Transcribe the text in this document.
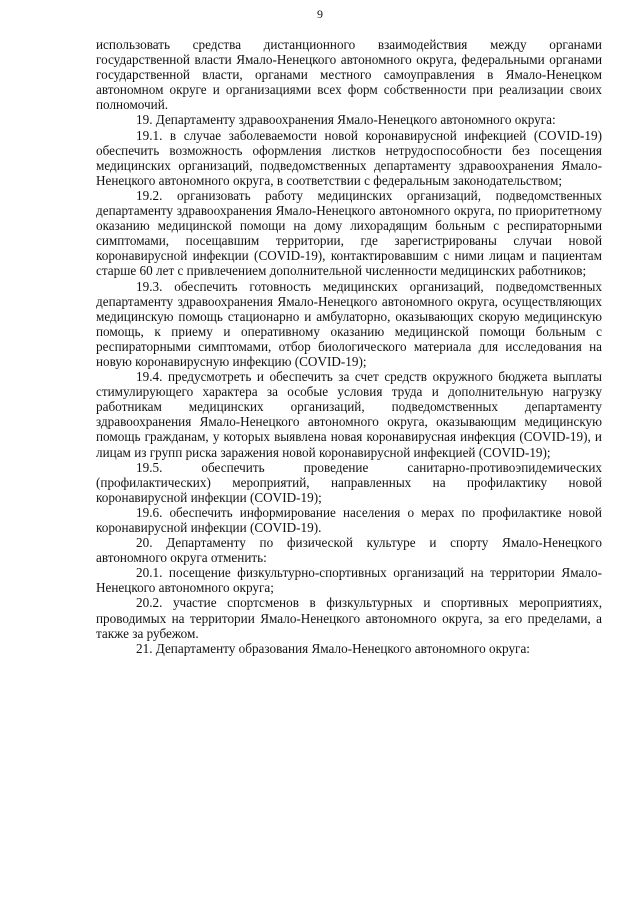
9

использовать средства дистанционного взаимодействия между органами государственной власти Ямало-Ненецкого автономного округа, федеральными органами государственной власти, органами местного самоуправления в Ямало-Ненецком автономном округе и организациями всех форм собственности при реализации своих полномочий.

19. Департаменту здравоохранения Ямало-Ненецкого автономного округа:

19.1. в случае заболеваемости новой коронавирусной инфекцией (COVID-19) обеспечить возможность оформления листков нетрудоспособности без посещения медицинских организаций, подведомственных департаменту здравоохранения Ямало-Ненецкого автономного округа, в соответствии с федеральным законодательством;

19.2. организовать работу медицинских организаций, подведомственных департаменту здравоохранения Ямало-Ненецкого автономного округа, по приоритетному оказанию медицинской помощи на дому лихорадящим больным с респираторными симптомами, посещавшим территории, где зарегистрированы случаи новой коронавирусной инфекции (COVID-19), контактировавшим с ними лицам и пациентам старше 60 лет с привлечением дополнительной численности медицинских работников;

19.3. обеспечить готовность медицинских организаций, подведомственных департаменту здравоохранения Ямало-Ненецкого автономного округа, осуществляющих медицинскую помощь стационарно и амбулаторно, оказывающих скорую медицинскую помощь, к приему и оперативному оказанию медицинской помощи больным с респираторными симптомами, отбор биологического материала для исследования на новую коронавирусную инфекцию (COVID-19);

19.4. предусмотреть и обеспечить за счет средств окружного бюджета выплаты стимулирующего характера за особые условия труда и дополнительную нагрузку работникам медицинских организаций, подведомственных департаменту здравоохранения Ямало-Ненецкого автономного округа, оказывающим медицинскую помощь гражданам, у которых выявлена новая коронавирусная инфекция (COVID-19), и лицам из групп риска заражения новой коронавирусной инфекцией (COVID-19);

19.5. обеспечить проведение санитарно-противоэпидемических (профилактических) мероприятий, направленных на профилактику новой коронавирусной инфекции (COVID-19);

19.6. обеспечить информирование населения о мерах по профилактике новой коронавирусной инфекции (COVID-19).

20. Департаменту по физической культуре и спорту Ямало-Ненецкого автономного округа отменить:

20.1. посещение физкультурно-спортивных организаций на территории Ямало-Ненецкого автономного округа;

20.2. участие спортсменов в физкультурных и спортивных мероприятиях, проводимых на территории Ямало-Ненецкого автономного округа, за его пределами, а также за рубежом.

21. Департаменту образования Ямало-Ненецкого автономного округа:
